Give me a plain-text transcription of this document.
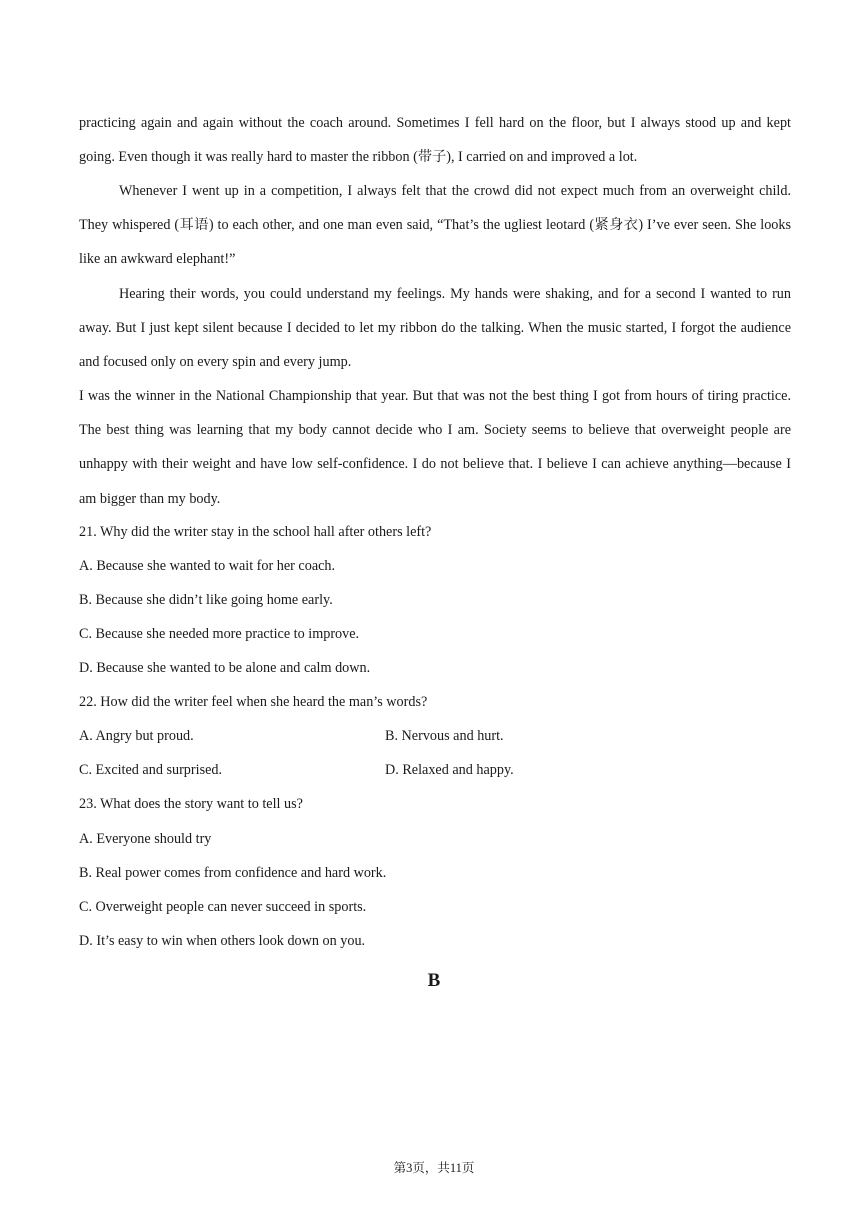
practicing again and again without the coach around. Sometimes I fell hard on the floor, but I always stood up and kept going. Even though it was really hard to master the ribbon (带子), I carried on and improved a lot.

Whenever I went up in a competition, I always felt that the crowd did not expect much from an overweight child. They whispered (耳语) to each other, and one man even said, “That’s the ugliest leotard (紧身衣) I’ve ever seen. She looks like an awkward elephant!”

Hearing their words, you could understand my feelings. My hands were shaking, and for a second I wanted to run away. But I just kept silent because I decided to let my ribbon do the talking. When the music started, I forgot the audience and focused only on every spin and every jump.

I was the winner in the National Championship that year. But that was not the best thing I got from hours of tiring practice. The best thing was learning that my body cannot decide who I am. Society seems to believe that overweight people are unhappy with their weight and have low self-confidence. I do not believe that. I believe I can achieve anything—because I am bigger than my body.

21. Why did the writer stay in the school hall after others left?

A. Because she wanted to wait for her coach.

B. Because she didn’t like going home early.

C. Because she needed more practice to improve.

D. Because she wanted to be alone and calm down.

22. How did the writer feel when she heard the man’s words?

A. Angry but proud.	B. Nervous and hurt.

C. Excited and surprised.	D. Relaxed and happy.

23. What does the story want to tell us?

A. Everyone should try

B. Real power comes from confidence and hard work.

C. Overweight people can never succeed in sports.

D. It’s easy to win when others look down on you.

B

第3页，共11页
